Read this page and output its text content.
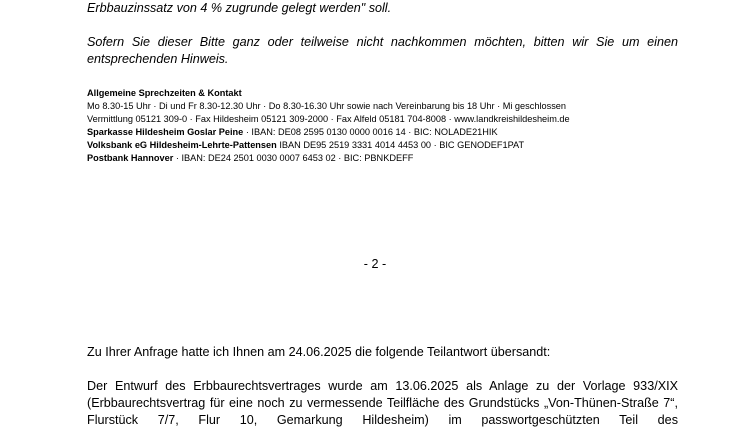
Erbbauzinssatz von 4 % zugrunde gelegt werden" soll.
Sofern Sie dieser Bitte ganz oder teilweise nicht nachkommen möchten, bitten wir Sie um einen
entsprechenden Hinweis.
Allgemeine Sprechzeiten & Kontakt
Mo 8.30-15 Uhr · Di und Fr 8.30-12.30 Uhr · Do 8.30-16.30 Uhr sowie nach Vereinbarung bis 18 Uhr · Mi geschlossen
Vermittlung 05121 309-0 · Fax Hildesheim 05121 309-2000 · Fax Alfeld 05181 704-8008 · www.landkreishildesheim.de
Sparkasse Hildesheim Goslar Peine · IBAN: DE08 2595 0130 0000 0016 14 · BIC: NOLADE21HIK
Volksbank eG Hildesheim-Lehrte-Pattensen IBAN DE95 2519 3331 4014 4453 00 · BIC GENODEF1PAT
Postbank Hannover · IBAN: DE24 2501 0030 0007 6453 02 · BIC: PBNKDEFF
- 2 -
Zu Ihrer Anfrage hatte ich Ihnen am 24.06.2025 die folgende Teilantwort übersandt:
Der Entwurf des Erbbaurechtsvertrages wurde am 13.06.2025 als Anlage zu der Vorlage 933/XIX
(Erbbaurechtsvertrag für eine noch zu vermessende Teilfläche des Grundstücks „Von-Thünen-Straße 7“,
Flurstück 7/7, Flur 10, Gemarkung Hildesheim) im passwortgeschützten Teil des
